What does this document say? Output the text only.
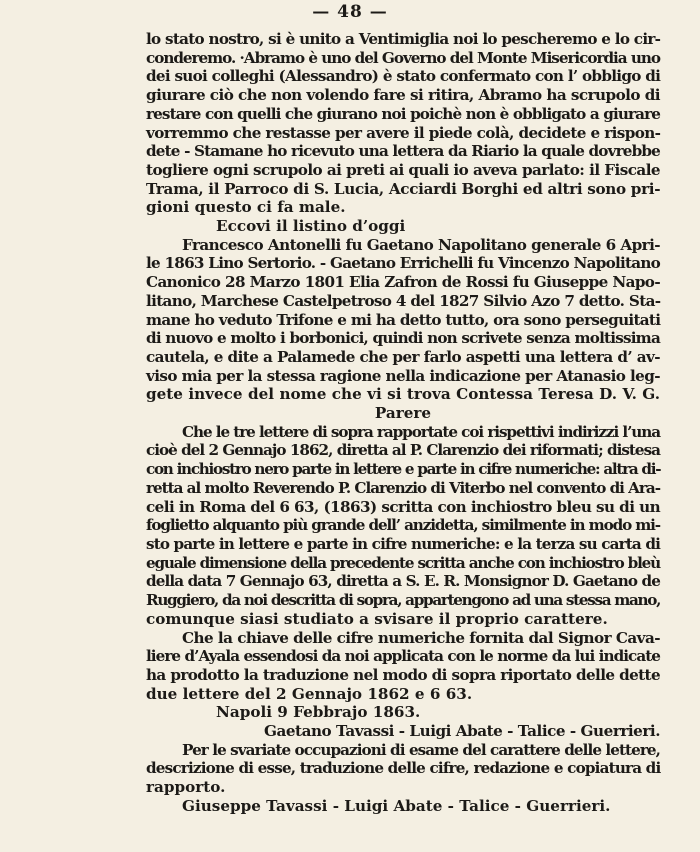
— 48 —
lo stato nostro, si è unito a Ventimiglia noi lo pescheremo e lo cir-
conderemo. ·Abramo è uno del Governo del Monte Misericordia uno
dei suoi colleghi (Alessandro) è stato confermato con l’ obbligo di
giurare ciò che non volendo fare si ritira, Abramo ha scrupolo di
restare con quelli che giurano noi poichè non è obbligato a giurare
vorremmo che restasse per avere il piede colà, decidete e rispon-
dete - Stamane ho ricevuto una lettera da Riario la quale dovrebbe
togliere ogni scrupolo ai preti ai quali io aveva parlato: il Fiscale
Trama, il Parroco di S. Lucia, Acciardi Borghi ed altri sono pri-
gioni questo ci fa male.
Eccovi il listino d’oggi
Francesco Antonelli fu Gaetano Napolitano generale 6 Apri-
le 1863 Lino Sertorio. - Gaetano Errichelli fu Vincenzo Napolitano
Canonico 28 Marzo 1801 Elia Zafron de Rossi fu Giuseppe Napo-
litano, Marchese Castelpetroso 4 del 1827 Silvio Azo 7 detto. Sta-
mane ho veduto Trifone e mi ha detto tutto, ora sono perseguitati
di nuovo e molto i borbonici, quindi non scrivete senza moltissima
cautela, e dite a Palamede che per farlo aspetti una lettera d’ av-
viso mia per la stessa ragione nella indicazione per Atanasio leg-
gete invece del nome che vi si trova Contessa Teresa D. V. G.
Parere
Che le tre lettere di sopra rapportate coi rispettivi indirizzi l’una
cioè del 2 Gennajo 1862, diretta al P. Clarenzio dei riformati; distesa
con inchiostro nero parte in lettere e parte in cifre numeriche: altra di-
retta al molto Reverendo P. Clarenzio di Viterbo nel convento di Ara-
celi in Roma del 6 63, (1863) scritta con inchiostro bleu su di un
foglietto alquanto più grande dell’ anzidetta, similmente in modo mi-
sto parte in lettere e parte in cifre numeriche: e la terza su carta di
eguale dimensione della precedente scritta anche con inchiostro bleù
della data 7 Gennajo 63, diretta a S. E. R. Monsignor D. Gaetano de
Ruggiero, da noi descritta di sopra, appartengono ad una stessa mano,
comunque siasi studiato a svisare il proprio carattere.
Che la chiave delle cifre numeriche fornita dal Signor Cava-
liere d’Ayala essendosi da noi applicata con le norme da lui indicate
ha prodotto la traduzione nel modo di sopra riportato delle dette
due lettere del 2 Gennajo 1862 e 6 63.
Napoli 9 Febbrajo 1863.
Gaetano Tavassi - Luigi Abate - Talice - Guerrieri.
Per le svariate occupazioni di esame del carattere delle lettere,
descrizione di esse, traduzione delle cifre, redazione e copiatura di
rapporto.
Giuseppe Tavassi - Luigi Abate - Talice - Guerrieri.
